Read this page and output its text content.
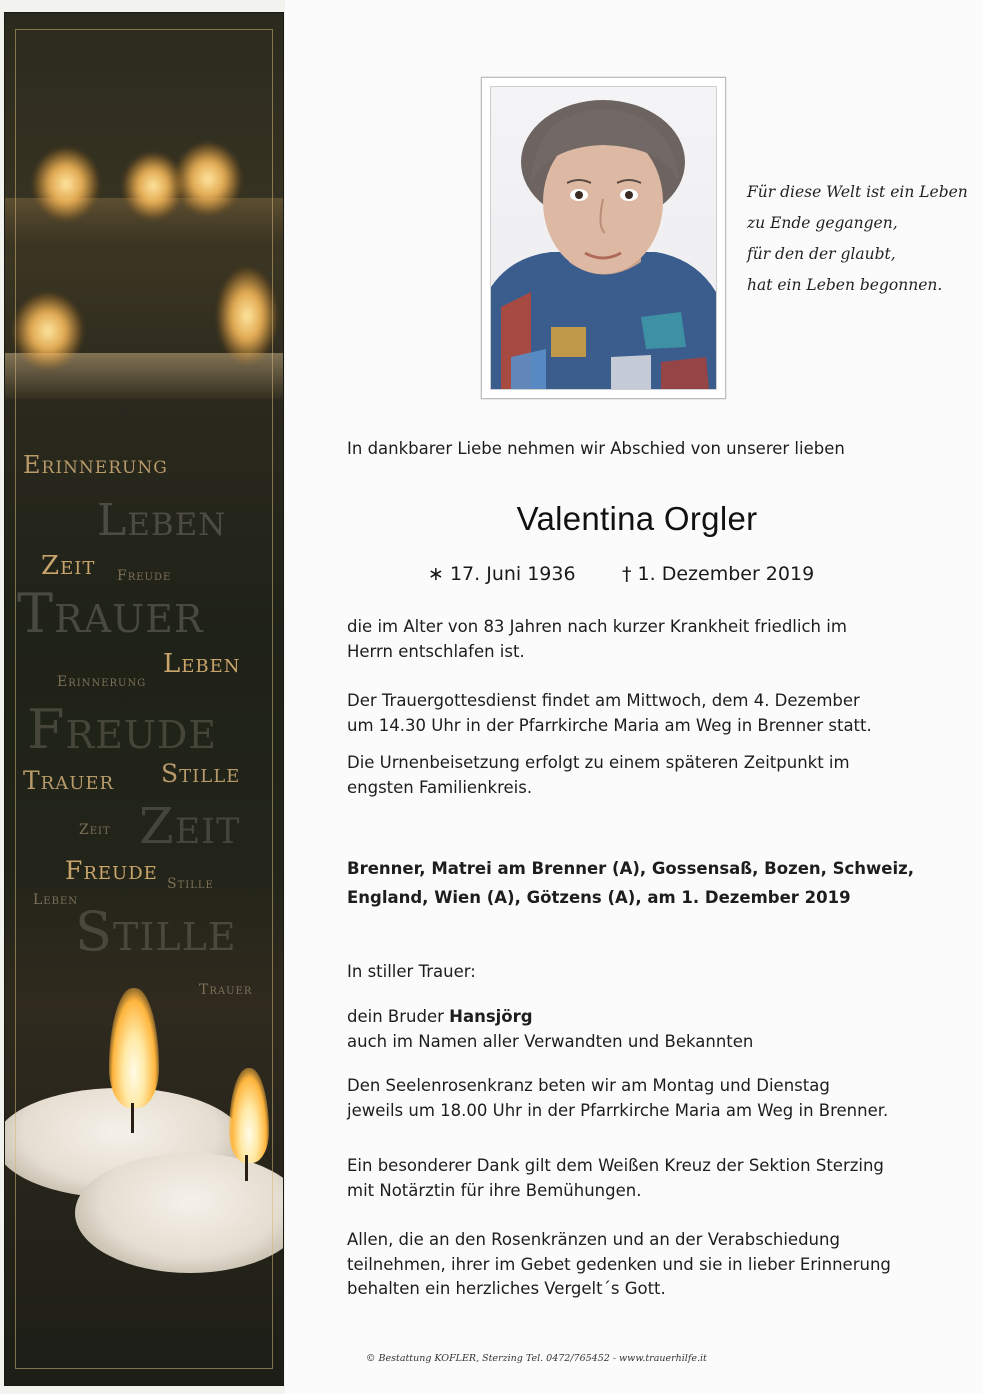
Erinnerung
Leben
Zeit Freude
Trauer
Leben
Erinnerung
Freude
Trauer Stille
Zeit Zeit
Freude Stille
Leben
Stille
Trauer
Für diese Welt ist ein Leben
zu Ende gegangen,
für den der glaubt,
hat ein Leben begonnen.
In dankbarer Liebe nehmen wir Abschied von unserer lieben
Valentina Orgler
∗ 17. Juni 1936 † 1. Dezember 2019
die im Alter von 83 Jahren nach kurzer Krankheit friedlich im
Herrn entschlafen ist.
Der Trauergottesdienst findet am Mittwoch, dem 4. Dezember
um 14.30 Uhr in der Pfarrkirche Maria am Weg in Brenner statt.
Die Urnenbeisetzung erfolgt zu einem späteren Zeitpunkt im
engsten Familienkreis.
Brenner, Matrei am Brenner (A), Gossensaß, Bozen, Schweiz,
England, Wien (A), Götzens (A), am 1. Dezember 2019
In stiller Trauer:
dein Bruder Hansjörg
auch im Namen aller Verwandten und Bekannten
Den Seelenrosenkranz beten wir am Montag und Dienstag
jeweils um 18.00 Uhr in der Pfarrkirche Maria am Weg in Brenner.
Ein besonderer Dank gilt dem Weißen Kreuz der Sektion Sterzing
mit Notärztin für ihre Bemühungen.
Allen, die an den Rosenkränzen und an der Verabschiedung
teilnehmen, ihrer im Gebet gedenken und sie in lieber Erinnerung
behalten ein herzliches Vergelt´s Gott.
© Bestattung KOFLER, Sterzing Tel. 0472/765452 - www.trauerhilfe.it
